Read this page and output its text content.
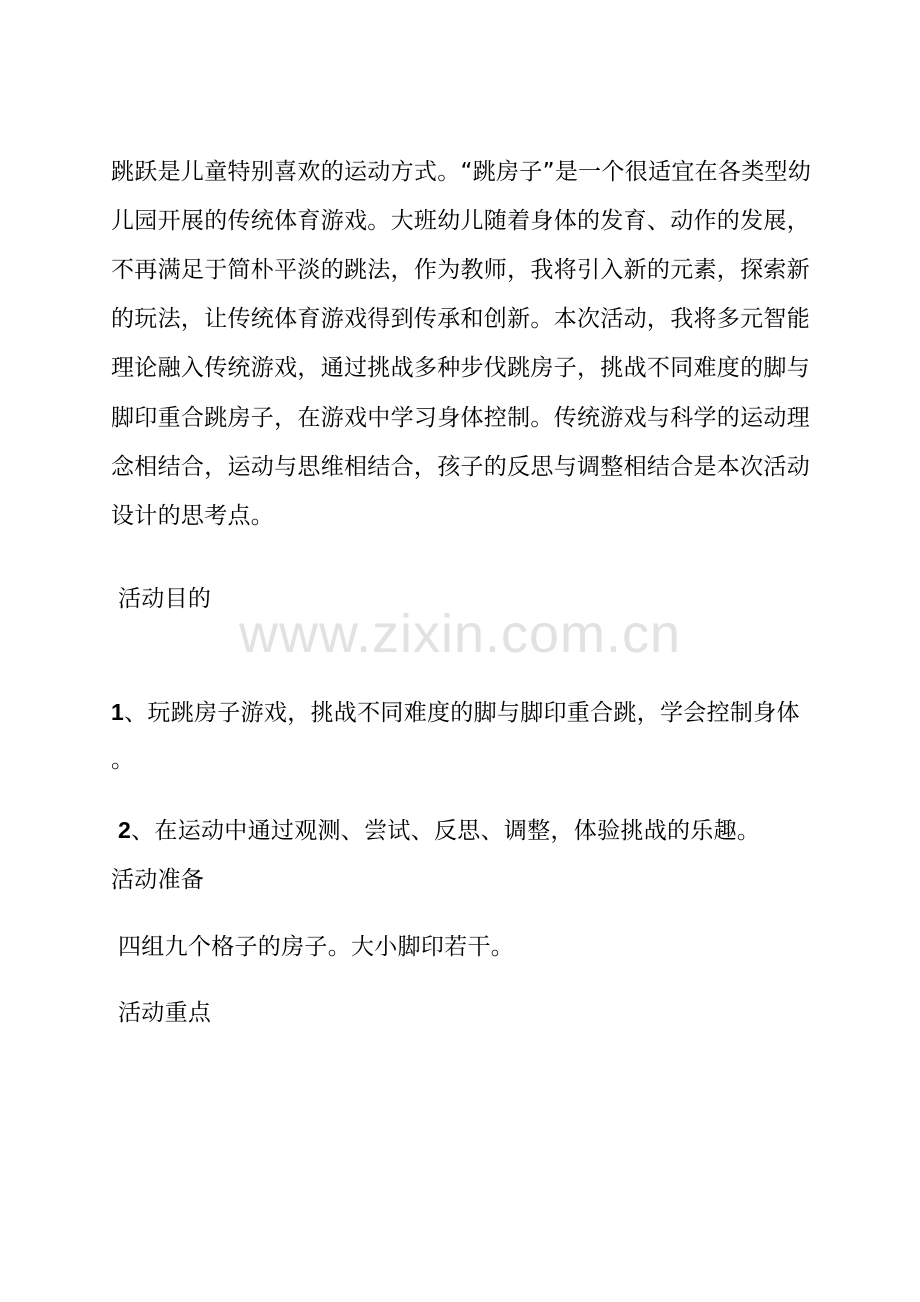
跳跃是儿童特别喜欢的运动方式。“跳房子”是一个很适宜在各类型幼
儿园开展的传统体育游戏。大班幼儿随着身体的发育、动作的发展，
不再满足于简朴平淡的跳法，作为教师，我将引入新的元素，探索新
的玩法，让传统体育游戏得到传承和创新。本次活动，我将多元智能
理论融入传统游戏，通过挑战多种步伐跳房子，挑战不同难度的脚与
脚印重合跳房子，在游戏中学习身体控制。传统游戏与科学的运动理
念相结合，运动与思维相结合，孩子的反思与调整相结合是本次活动
设计的思考点。
活动目的
www.zixin.com.cn
1、玩跳房子游戏，挑战不同难度的脚与脚印重合跳，学会控制身体
。
2、在运动中通过观测、尝试、反思、调整，体验挑战的乐趣。
活动准备
四组九个格子的房子。大小脚印若干。
活动重点
